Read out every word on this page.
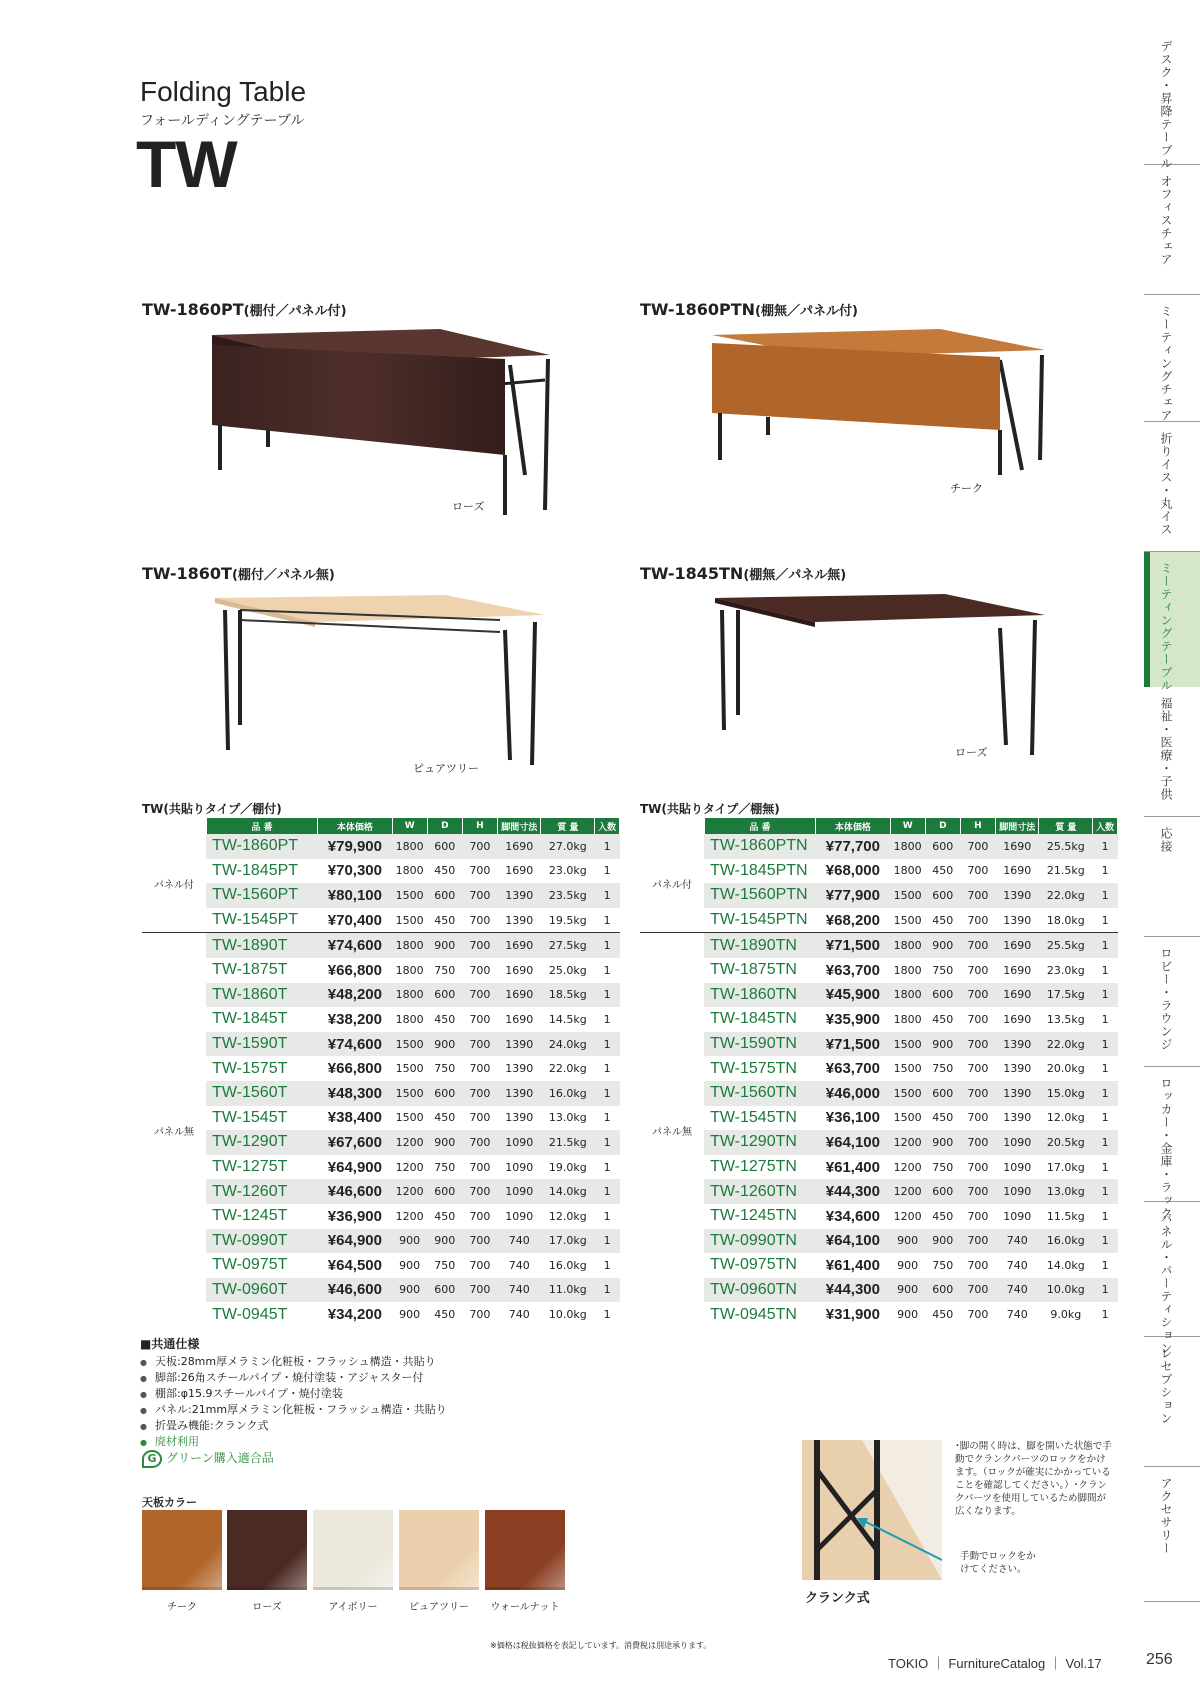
Folding Table
フォールディングテーブル
TW	デスク・昇降テーブル
オフィスチェア
ミーティングチェア
折りイス・丸イス
ミーティングテーブル
福祉・医療・子供
応接
ロビー・ラウンジ
ロッカー・金庫・ラック
パネル・パーティション
レセプション
アクセサリー
TW-1860PT(棚付／パネル付)	TW-1860PTN(棚無／パネル付)
TW-1860T(棚付／パネル無)	TW-1845TN(棚無／パネル無)
ローズ
チーク
ピュアツリー
ローズ
TW(共貼りタイプ／棚付)
	品 番	本体価格	W	D	H	脚間寸法	質 量	入数
パネル付	TW-1860PT	¥79,900	1800	600	700	1690	27.0kg	1
	TW-1845PT	¥70,300	1800	450	700	1690	23.0kg	1
	TW-1560PT	¥80,100	1500	600	700	1390	23.5kg	1
	TW-1545PT	¥70,400	1500	450	700	1390	19.5kg	1
パネル無	TW-1890T	¥74,600	1800	900	700	1690	27.5kg	1
	TW-1875T	¥66,800	1800	750	700	1690	25.0kg	1
	TW-1860T	¥48,200	1800	600	700	1690	18.5kg	1
	TW-1845T	¥38,200	1800	450	700	1690	14.5kg	1
	TW-1590T	¥74,600	1500	900	700	1390	24.0kg	1
	TW-1575T	¥66,800	1500	750	700	1390	22.0kg	1
	TW-1560T	¥48,300	1500	600	700	1390	16.0kg	1
	TW-1545T	¥38,400	1500	450	700	1390	13.0kg	1
	TW-1290T	¥67,600	1200	900	700	1090	21.5kg	1
	TW-1275T	¥64,900	1200	750	700	1090	19.0kg	1
	TW-1260T	¥46,600	1200	600	700	1090	14.0kg	1
	TW-1245T	¥36,900	1200	450	700	1090	12.0kg	1
	TW-0990T	¥64,900	900	900	700	740	17.0kg	1
	TW-0975T	¥64,500	900	750	700	740	16.0kg	1
	TW-0960T	¥46,600	900	600	700	740	11.0kg	1
	TW-0945T	¥34,200	900	450	700	740	10.0kg	1
TW(共貼りタイプ／棚無)
	品 番	本体価格	W	D	H	脚間寸法	質 量	入数
パネル付	TW-1860PTN	¥77,700	1800	600	700	1690	25.5kg	1
	TW-1845PTN	¥68,000	1800	450	700	1690	21.5kg	1
	TW-1560PTN	¥77,900	1500	600	700	1390	22.0kg	1
	TW-1545PTN	¥68,200	1500	450	700	1390	18.0kg	1
パネル無	TW-1890TN	¥71,500	1800	900	700	1690	25.5kg	1
	TW-1875TN	¥63,700	1800	750	700	1690	23.0kg	1
	TW-1860TN	¥45,900	1800	600	700	1690	17.5kg	1
	TW-1845TN	¥35,900	1800	450	700	1690	13.5kg	1
	TW-1590TN	¥71,500	1500	900	700	1390	22.0kg	1
	TW-1575TN	¥63,700	1500	750	700	1390	20.0kg	1
	TW-1560TN	¥46,000	1500	600	700	1390	15.0kg	1
	TW-1545TN	¥36,100	1500	450	700	1390	12.0kg	1
	TW-1290TN	¥64,100	1200	900	700	1090	20.5kg	1
	TW-1275TN	¥61,400	1200	750	700	1090	17.0kg	1
	TW-1260TN	¥44,300	1200	600	700	1090	13.0kg	1
	TW-1245TN	¥34,600	1200	450	700	1090	11.5kg	1
	TW-0990TN	¥64,100	900	900	700	740	16.0kg	1
	TW-0975TN	¥61,400	900	750	700	740	14.0kg	1
	TW-0960TN	¥44,300	900	600	700	740	10.0kg	1
	TW-0945TN	¥31,900	900	450	700	740	9.0kg	1
■共通仕様
● 天板:28mm厚メラミン化粧板・フラッシュ構造・共貼り
● 脚部:26角スチールパイプ・焼付塗装・アジャスター付
● 棚部:φ15.9スチールパイプ・焼付塗装
● パネル:21mm厚メラミン化粧板・フラッシュ構造・共貼り
● 折畳み機能:クランク式
● 廃材利用
G グリーン購入適合品
天板カラー
チーク	ローズ	アイボリー	ピュアツリー	ウォールナット
クランク式
･脚の開く時は、脚を開いた状態で手動でクランクパーツのロックをかけます。（ロックが確実にかかっていることを確認してください。）･クランクパーツを使用しているため脚間が広くなります。
手動でロックをかけてください。
※価格は税抜価格を表記しています。消費税は別途承ります。
TOKIO ｜ FurnitureCatalog ｜ Vol.17	256
